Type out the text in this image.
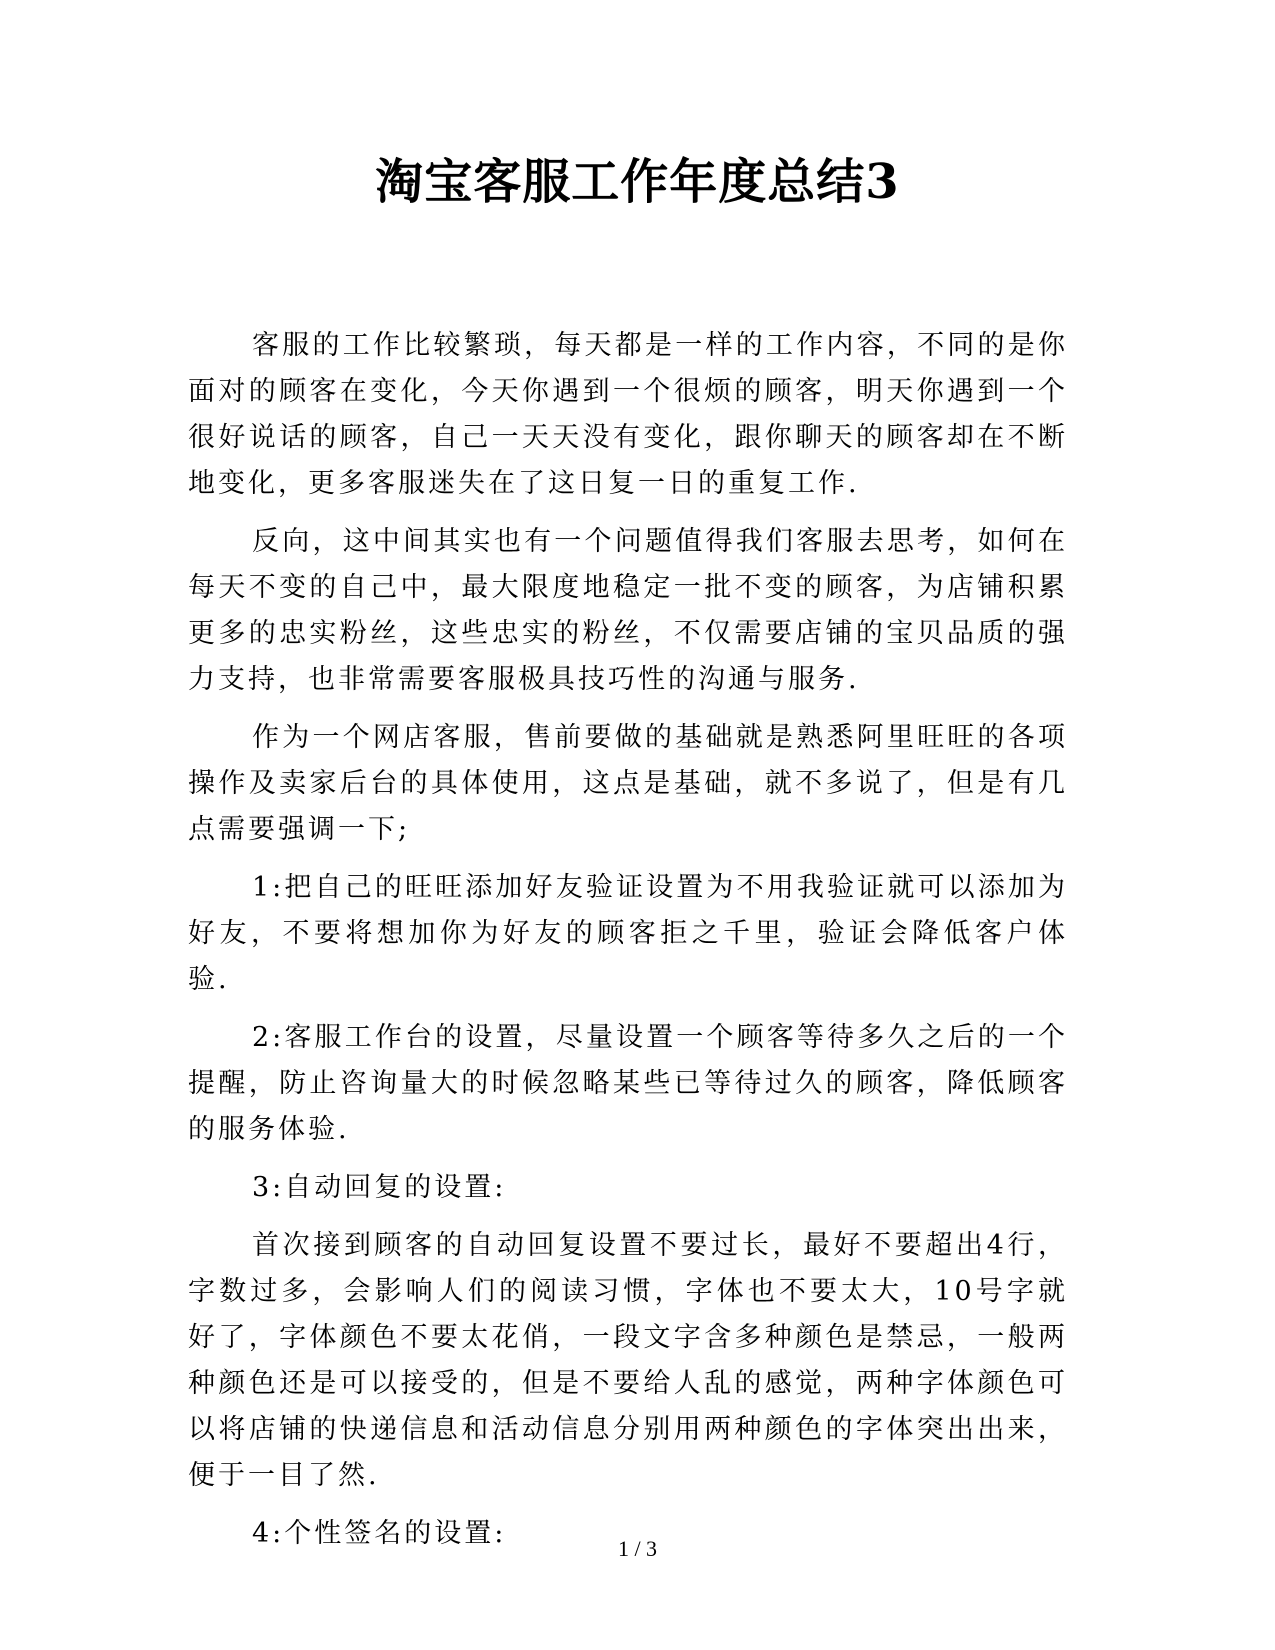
淘宝客服工作年度总结3

客服的工作比较繁琐，每天都是一样的工作内容，不同的是你面对的顾客在变化，今天你遇到一个很烦的顾客，明天你遇到一个很好说话的顾客，自己一天天没有变化，跟你聊天的顾客却在不断地变化，更多客服迷失在了这日复一日的重复工作.

反向，这中间其实也有一个问题值得我们客服去思考，如何在每天不变的自己中，最大限度地稳定一批不变的顾客，为店铺积累更多的忠实粉丝，这些忠实的粉丝，不仅需要店铺的宝贝品质的强力支持，也非常需要客服极具技巧性的沟通与服务.

作为一个网店客服，售前要做的基础就是熟悉阿里旺旺的各项操作及卖家后台的具体使用，这点是基础，就不多说了，但是有几点需要强调一下;

1:把自己的旺旺添加好友验证设置为不用我验证就可以添加为好友，不要将想加你为好友的顾客拒之千里，验证会降低客户体验.

2:客服工作台的设置，尽量设置一个顾客等待多久之后的一个提醒，防止咨询量大的时候忽略某些已等待过久的顾客，降低顾客的服务体验.

3:自动回复的设置:

首次接到顾客的自动回复设置不要过长，最好不要超出4行，字数过多，会影响人们的阅读习惯，字体也不要太大，10号字就好了，字体颜色不要太花俏，一段文字含多种颜色是禁忌，一般两种颜色还是可以接受的，但是不要给人乱的感觉，两种字体颜色可以将店铺的快递信息和活动信息分别用两种颜色的字体突出出来，便于一目了然.

4:个性签名的设置:	1 / 3
